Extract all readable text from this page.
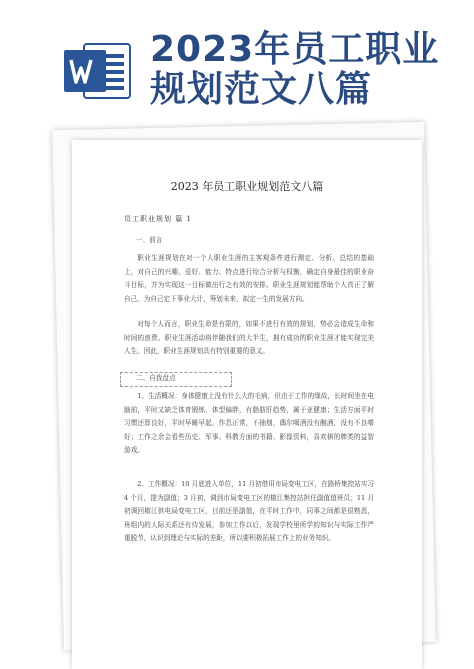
2023年员工职业规划范文八篇
2023 年员工职业规划范文八篇
员工职业规划 篇 1

一、前言

职业生涯规划在对一个人职业生涯的主客观条件进行测定、分析、总结的基础上，对自己的兴趣、爱好、能力、特点进行综合分析与权衡，确定自身最佳的职业奋斗目标，并为实现这一目标做出行之有效的安排。职业生涯规划能帮助个人真正了解自己，为自己定下事业大计，筹划未来，拟定一生的发展方向。

对每个人而言，职业生命是有限的，如果不进行有效的规划，势必会造成生命和时间的浪费。职业生涯活动将伴随我们的大半生，拥有成功的职业生涯才能实现完美人生。因此，职业生涯规划具有特别重要的意义。

二、自我盘点

1、生活概况：身体健康上没有什么大的毛病，但由于工作的缘故，长时间坐在电脑前，平时又缺乏体育锻炼，体型偏胖，有脂肪肝趋势，属于亚健康；生活方面平时习惯还算良好，平时早睡早起，作息正常，不抽烟，偶尔喝酒没有酗酒，没有不良嗜好；工作之余会看些历史、军事、科教方面的书籍、影像资料，喜欢棋的牌类的益智游戏。

2、工作概况：10 月底进入单位，11 月初借用市局变电工区，在路桥集控站实习 4 个月，提为副值；3 月初，调到市局变电工区的椒江集控站担任副值值班员；11 月初调回椒江供电局变电工区，目前还是副值，在平时工作中，同事之间都是很熟悉，班组内的人际关系还有待发展，参加工作以后，发现学校里所学的知识与实际工作严重脱节，认识到理论与实际的差距，所以要积极拓展工作上的业务知识。
